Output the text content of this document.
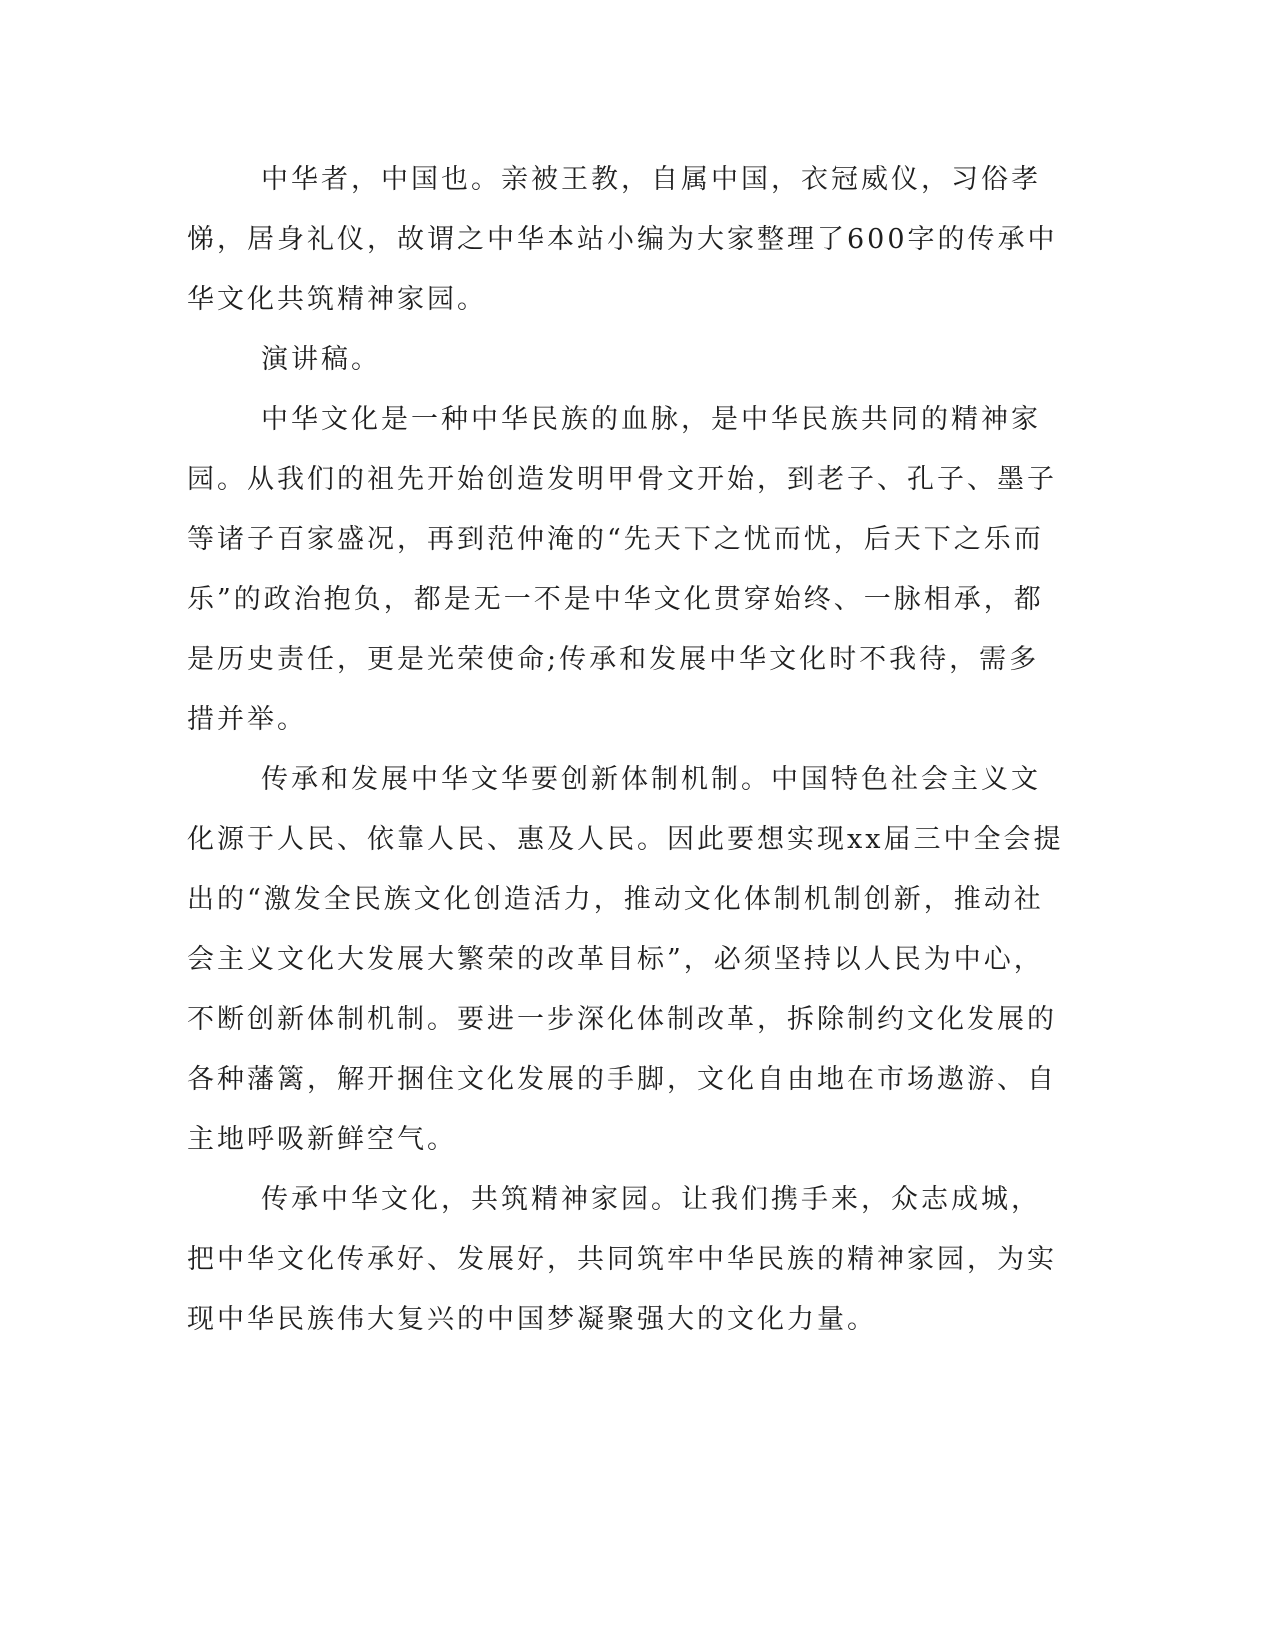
中华者，中国也。亲被王教，自属中国，衣冠威仪，习俗孝悌，居身礼仪，故谓之中华本站小编为大家整理了600字的传承中华文化共筑精神家园。

演讲稿。

中华文化是一种中华民族的血脉，是中华民族共同的精神家园。从我们的祖先开始创造发明甲骨文开始，到老子、孔子、墨子等诸子百家盛况，再到范仲淹的“先天下之忧而忧，后天下之乐而乐”的政治抱负，都是无一不是中华文化贯穿始终、一脉相承，都是历史责任，更是光荣使命;传承和发展中华文化时不我待，需多措并举。

传承和发展中华文华要创新体制机制。中国特色社会主义文化源于人民、依靠人民、惠及人民。因此要想实现xx届三中全会提出的“激发全民族文化创造活力，推动文化体制机制创新，推动社会主义文化大发展大繁荣的改革目标”，必须坚持以人民为中心，不断创新体制机制。要进一步深化体制改革，拆除制约文化发展的各种藩篱，解开捆住文化发展的手脚，文化自由地在市场遨游、自主地呼吸新鲜空气。

传承中华文化，共筑精神家园。让我们携手来，众志成城，把中华文化传承好、发展好，共同筑牢中华民族的精神家园，为实现中华民族伟大复兴的中国梦凝聚强大的文化力量。
